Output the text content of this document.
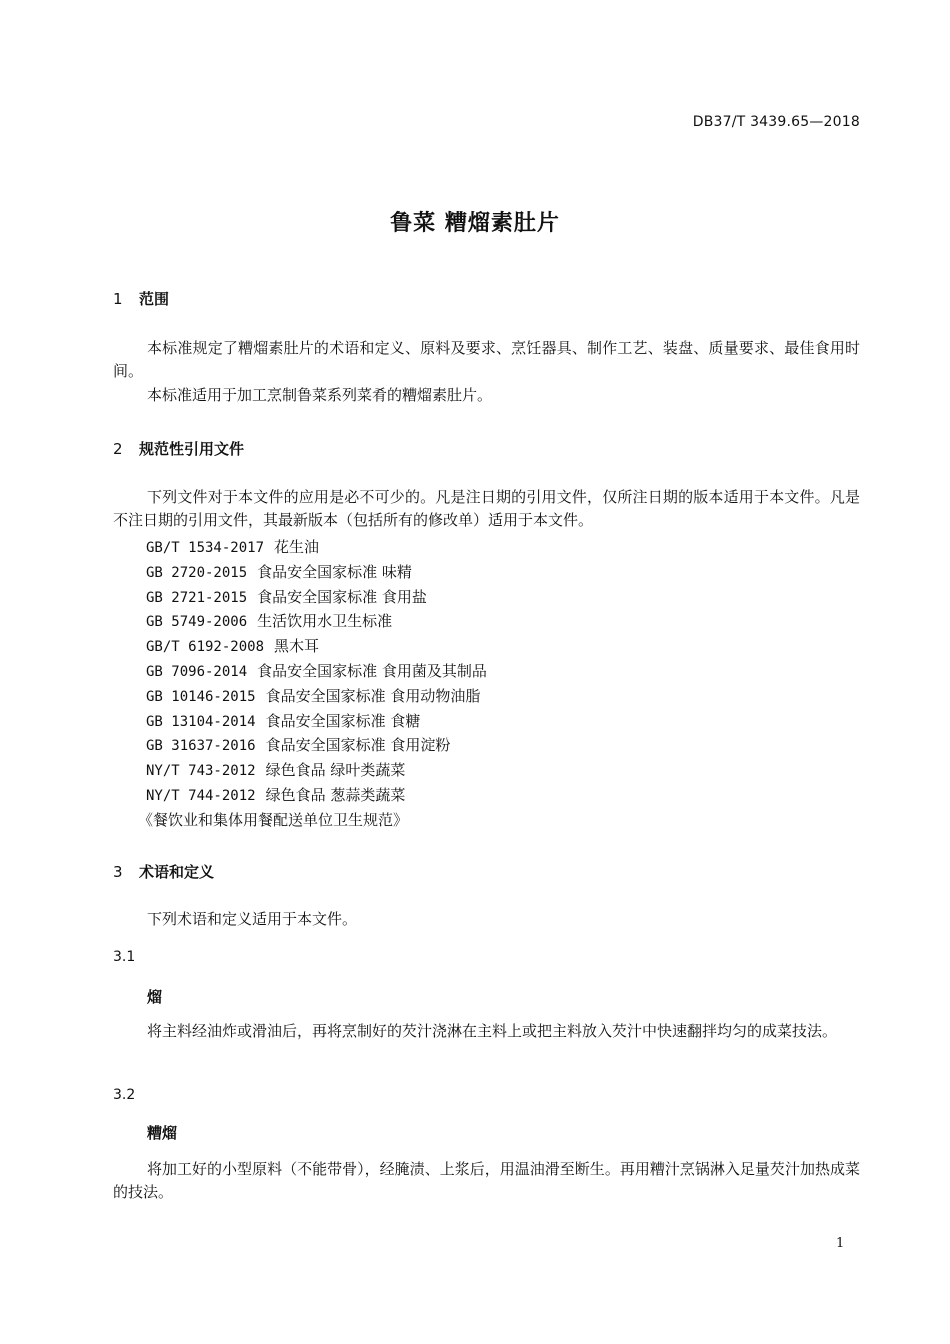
DB37/T 3439.65—2018
鲁菜 糟熘素肚片
1 范围
本标准规定了糟熘素肚片的术语和定义、原料及要求、烹饪器具、制作工艺、装盘、质量要求、最佳食用时间。
本标准适用于加工烹制鲁菜系列菜肴的糟熘素肚片。
2 规范性引用文件
下列文件对于本文件的应用是必不可少的。凡是注日期的引用文件，仅所注日期的版本适用于本文件。凡是不注日期的引用文件，其最新版本（包括所有的修改单）适用于本文件。
GB/T 1534-2017 花生油
GB 2720-2015 食品安全国家标准 味精
GB 2721-2015 食品安全国家标准 食用盐
GB 5749-2006 生活饮用水卫生标准
GB/T 6192-2008 黑木耳
GB 7096-2014 食品安全国家标准 食用菌及其制品
GB 10146-2015 食品安全国家标准 食用动物油脂
GB 13104-2014 食品安全国家标准 食糖
GB 31637-2016 食品安全国家标准 食用淀粉
NY/T 743-2012 绿色食品 绿叶类蔬菜
NY/T 744-2012 绿色食品 葱蒜类蔬菜
《餐饮业和集体用餐配送单位卫生规范》
3 术语和定义
下列术语和定义适用于本文件。
3.1
熘
将主料经油炸或滑油后，再将烹制好的芡汁浇淋在主料上或把主料放入芡汁中快速翻拌均匀的成菜技法。
3.2
糟熘
将加工好的小型原料（不能带骨），经腌渍、上浆后，用温油滑至断生。再用糟汁烹锅淋入足量芡汁加热成菜的技法。
1
